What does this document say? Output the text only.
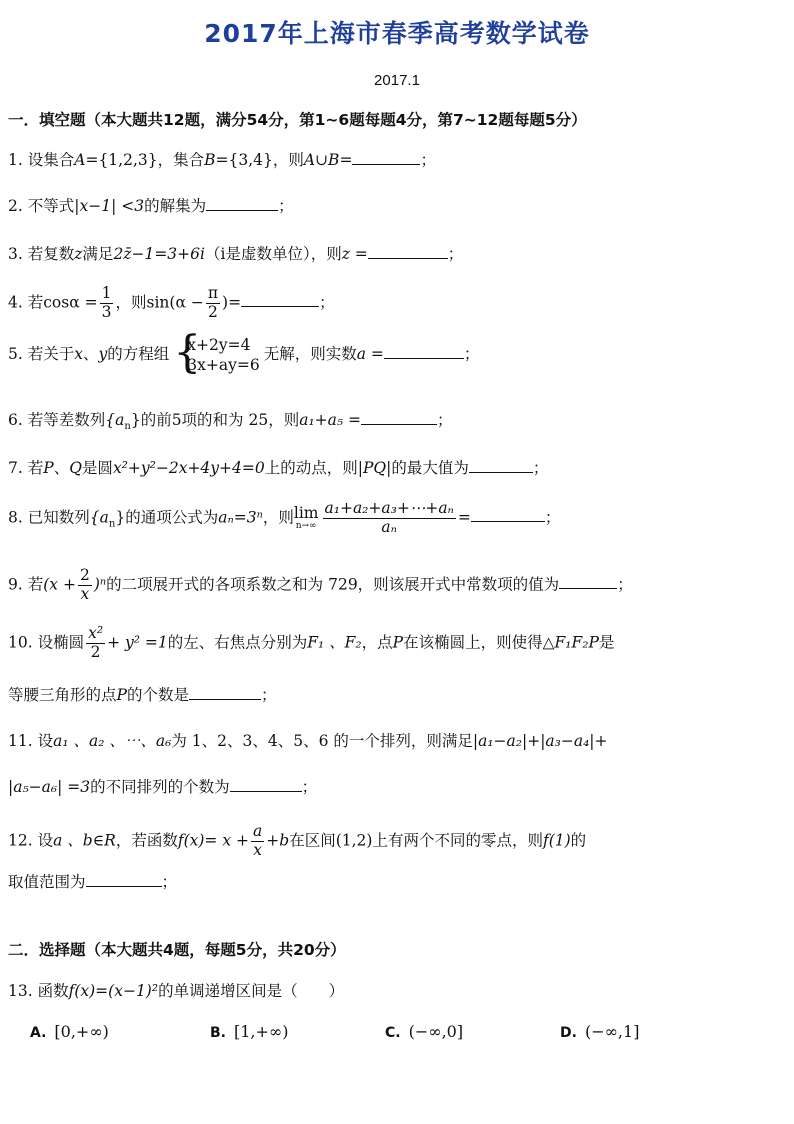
2017年上海市春季高考数学试卷
2017.1
一．填空题（本大题共12题，满分54分，第1~6题每题4分，第7~12题每题5分）
1. 设集合A={1,2,3}，集合B={3,4}，则A∪B=	；
2. 不等式|x−1| <3的解集为	；
3. 若复数z满足2z̄−1=3+6i（i是虚数单位），则z =	；
4. 若$\cos\alpha = \frac{1}{3}$ ，则$\sin(\alpha - \frac{\pi}{2}$ )=	；
5. 若关于x、y的方程组 {
x+2y=4
3x+ay=6
无解，则实数a =	；
6. 若等差数列$\{a_n\}$的前5项的和为 25，则a₁+a₅ =	；
7. 若P、Q是圆x²+y²−2x+4y+4=0上的动点，则|PQ|的最大值为	；
8. 已知数列$\{a_n\}$的通项公式为aₙ=3ⁿ，则 lim
$n\to\infty \frac{\text{a₁+a₂+a₃+⋯+aₙ}}{\text{aₙ}}$ =	；
9. 若$(x + \frac{2}{x} )^n$的二项展开式的各项系数之和为 729，则该展开式中常数项的值为	；
10. 设椭圆 $\frac{\text{x²}}{2} + y^2 =1$的左、右焦点分别为F₁ 、F₂，点P在该椭圆上，则使得△F₁F₂P是
等腰三角形的点P的个数是	；
11. 设a₁ 、a₂ 、⋯、a₆为 1、2、3、4、5、6 的一个排列，则满足|a₁−a₂|+|a₃−a₄|+
|a₅−a₆| =3的不同排列的个数为	；
12. 设a 、b∈R，若函数$f(x)= x + \frac{a}{x} +b$在区间(1,2)上有两个不同的零点，则f(1)的
取值范围为	；
二．选择题（本大题共4题，每题5分，共20分）
13. 函数f(x)=(x−1)²的单调递增区间是（　　）
A. [0,+∞)	B. [1,+∞)	C. (−∞,0]	D. (−∞,1]
